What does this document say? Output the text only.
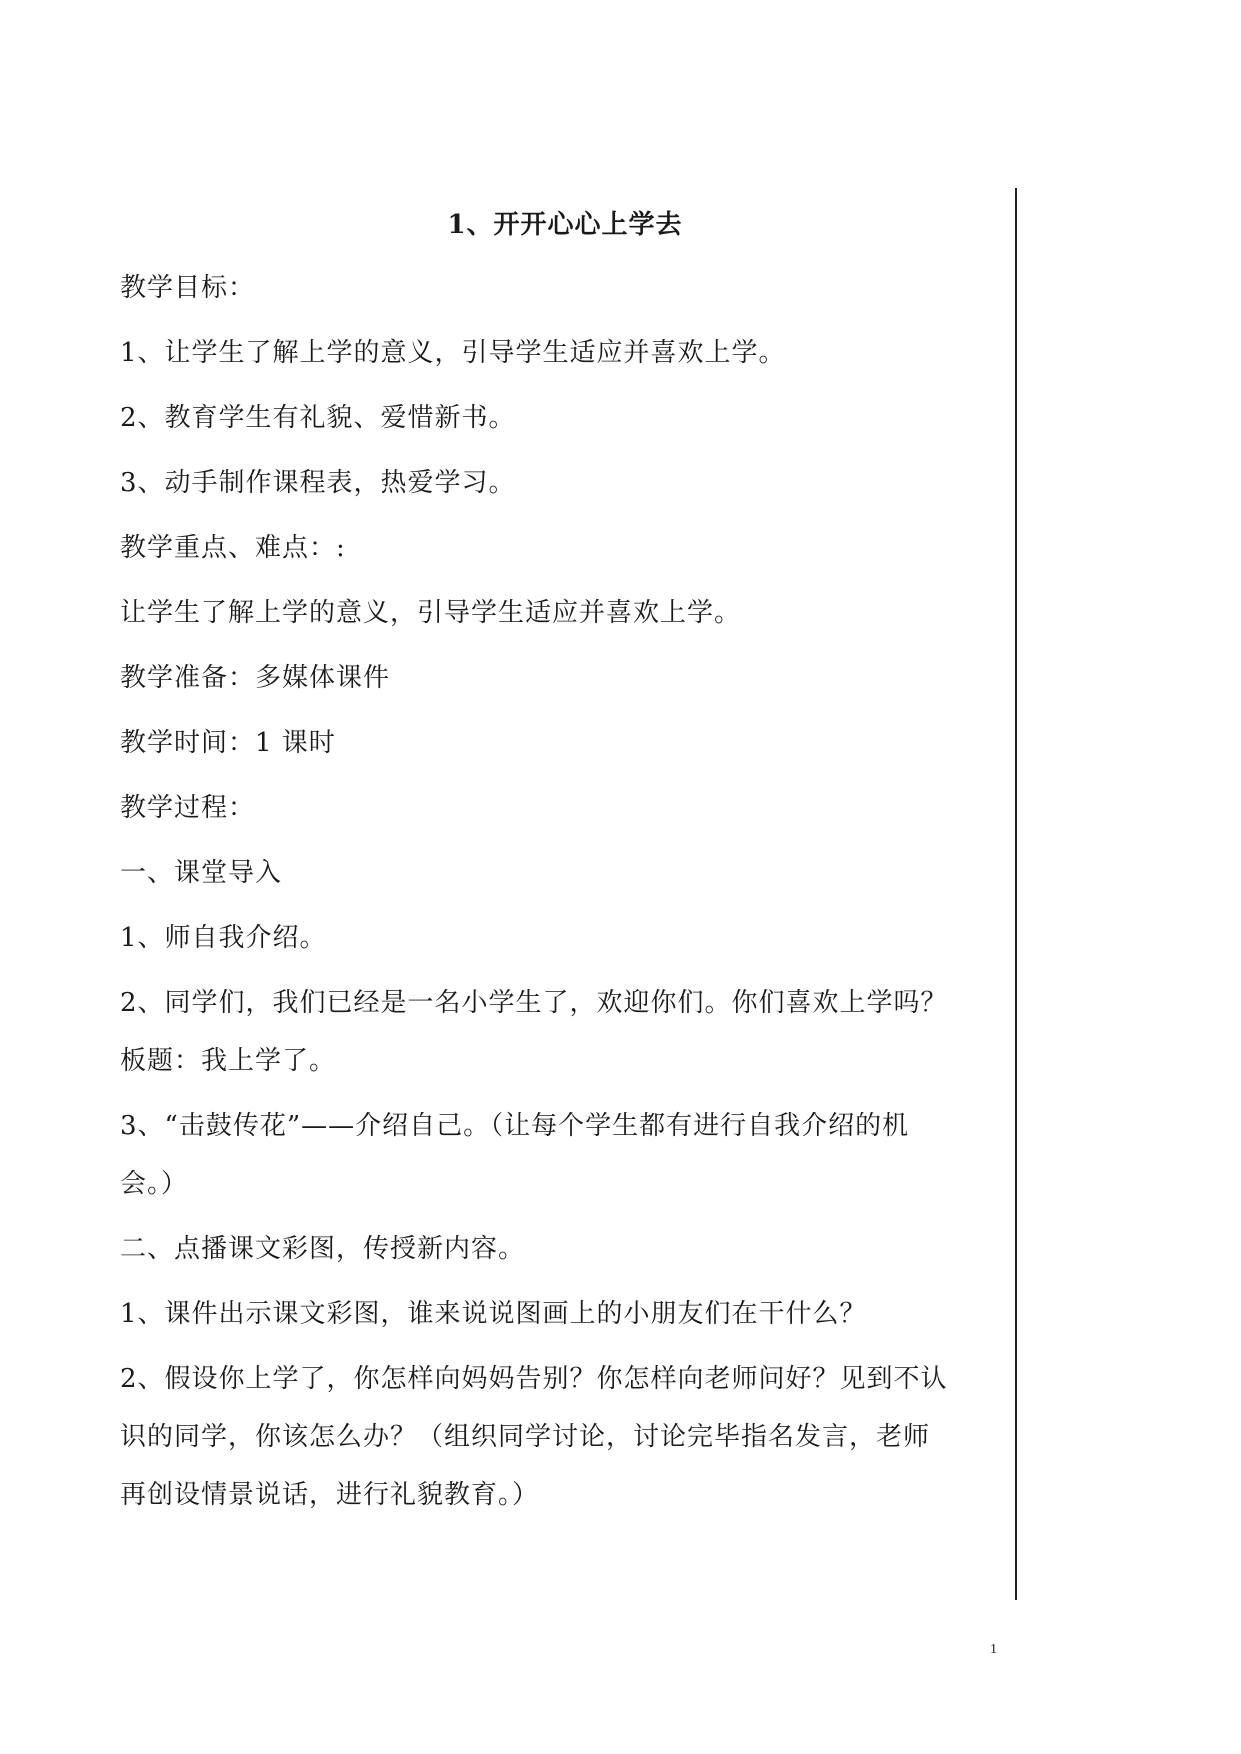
1、开开心心上学去
教学目标：
1、让学生了解上学的意义，引导学生适应并喜欢上学。
2、教育学生有礼貌、爱惜新书。
3、动手制作课程表，热爱学习。
教学重点、难点：:
让学生了解上学的意义，引导学生适应并喜欢上学。
教学准备：多媒体课件
教学时间：1 课时
教学过程：
一、课堂导入
1、师自我介绍。
2、同学们，我们已经是一名小学生了，欢迎你们。你们喜欢上学吗？
板题：我上学了。
3、“击鼓传花”——介绍自己。（让每个学生都有进行自我介绍的机
会。）
二、点播课文彩图，传授新内容。
1、课件出示课文彩图，谁来说说图画上的小朋友们在干什么？
2、假设你上学了，你怎样向妈妈告别？你怎样向老师问好？见到不认
识的同学，你该怎么办？（组织同学讨论，讨论完毕指名发言，老师
再创设情景说话，进行礼貌教育。）
1
